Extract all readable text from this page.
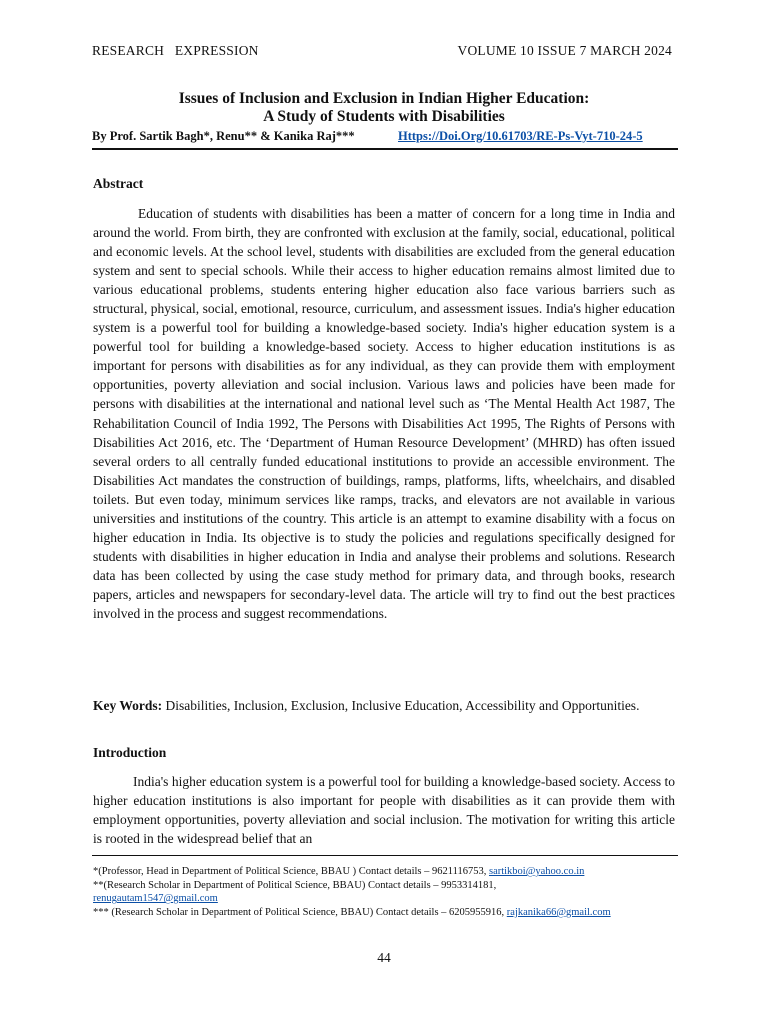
RESEARCH   EXPRESSION	VOLUME 10 ISSUE 7 MARCH 2024
Issues of Inclusion and Exclusion in Indian Higher Education:
A Study of Students with Disabilities
By Prof. Sartik Bagh*, Renu** & Kanika Raj***	Https://Doi.Org/10.61703/RE-Ps-Vyt-710-24-5
Abstract

Education of students with disabilities has been a matter of concern for a long time in India and around the world. From birth, they are confronted with exclusion at the family, social, educational, political and economic levels. At the school level, students with disabilities are excluded from the general education system and sent to special schools. While their access to higher education remains almost limited due to various educational problems, students entering higher education also face various barriers such as structural, physical, social, emotional, resource, curriculum, and assessment issues. India's higher education system is a powerful tool for building a knowledge-based society. India's higher education system is a powerful tool for building a knowledge-based society. Access to higher education institutions is as important for persons with disabilities as for any individual, as they can provide them with employment opportunities, poverty alleviation and social inclusion. Various laws and policies have been made for persons with disabilities at the international and national level such as ‘The Mental Health Act 1987, The Rehabilitation Council of India 1992, The Persons with Disabilities Act 1995, The Rights of Persons with Disabilities Act 2016, etc. The ‘Department of Human Resource Development’ (MHRD) has often issued several orders to all centrally funded educational institutions to provide an accessible environment. The Disabilities Act mandates the construction of buildings, ramps, platforms, lifts, wheelchairs, and disabled toilets. But even today, minimum services like ramps, tracks, and elevators are not available in various universities and institutions of the country. This article is an attempt to examine disability with a focus on higher education in India. Its objective is to study the policies and regulations specifically designed for students with disabilities in higher education in India and analyse their problems and solutions. Research data has been collected by using the case study method for primary data, and through books, research papers, articles and newspapers for secondary-level data. The article will try to find out the best practices involved in the process and suggest recommendations.

Key Words: Disabilities, Inclusion, Exclusion, Inclusive Education, Accessibility and Opportunities.

Introduction

India's higher education system is a powerful tool for building a knowledge-based society. Access to higher education institutions is also important for people with disabilities as it can provide them with employment opportunities, poverty alleviation and social inclusion. The motivation for writing this article is rooted in the widespread belief that an

*(Professor, Head in Department of Political Science, BBAU ) Contact details – 9621116753, sartikboi@yahoo.co.in
**(Research Scholar in Department of Political Science, BBAU) Contact details – 9953314181,
renugautam1547@gmail.com
*** (Research Scholar in Department of Political Science, BBAU) Contact details – 6205955916, rajkanika66@gmail.com
44
